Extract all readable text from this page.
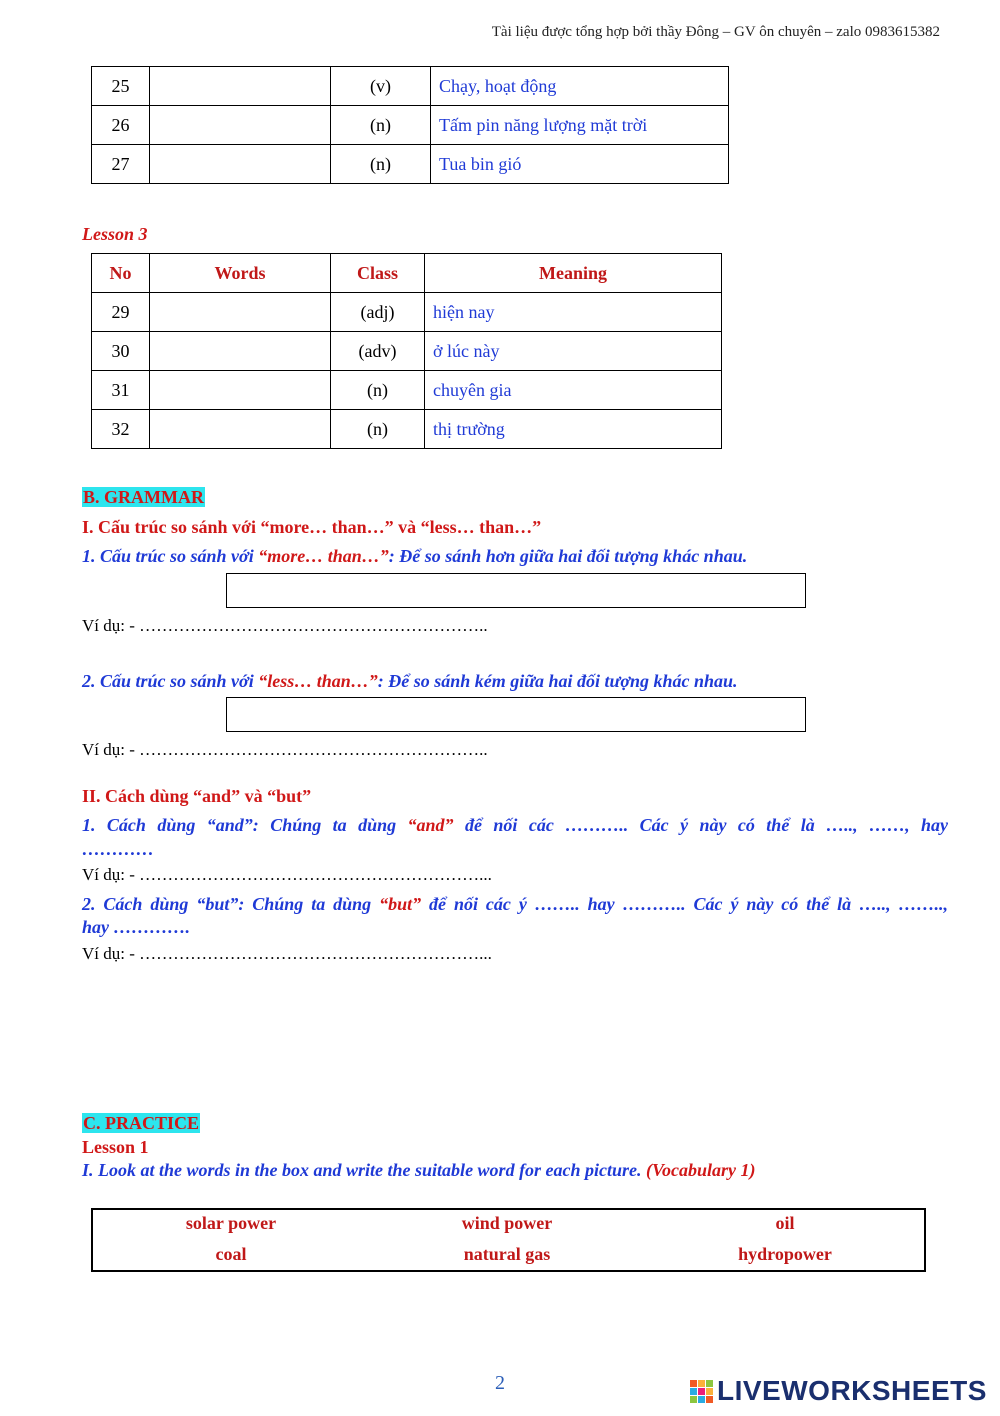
Tài liệu được tổng hợp bởi thầy Đông – GV ôn chuyên – zalo 0983615382
25		(v)	Chạy, hoạt động
26		(n)	Tấm pin năng lượng mặt trời
27		(n)	Tua bin gió
Lesson 3
No	Words	Class	Meaning
29		(adj)	hiện nay
30		(adv)	ở lúc này
31		(n)	chuyên gia
32		(n)	thị trường
B. GRAMMAR
I. Cấu trúc so sánh với “more… than…” và “less… than…”
1. Cấu trúc so sánh với “more… than…”: Để so sánh hơn giữa hai đối tượng khác nhau.
Ví dụ: - ……………………………………………………..
2. Cấu trúc so sánh với “less… than…”: Để so sánh kém giữa hai đối tượng khác nhau.
Ví dụ: - ……………………………………………………..
II. Cách dùng “and” và “but”
1. Cách dùng “and”: Chúng ta dùng “and” để nối các ……….. Các ý này có thể là ….., ……, hay
…………
Ví dụ: - ……………………………………………………...
2. Cách dùng “but”: Chúng ta dùng “but” để nối các ý …….. hay ……….. Các ý này có thể là ….., ……..,
hay ………….
Ví dụ: - ……………………………………………………...
C. PRACTICE
Lesson 1
I. Look at the words in the box and write the suitable word for each picture. (Vocabulary 1)
solar power	wind power	oil
coal	natural gas	hydropower
2	LIVEWORKSHEETS
